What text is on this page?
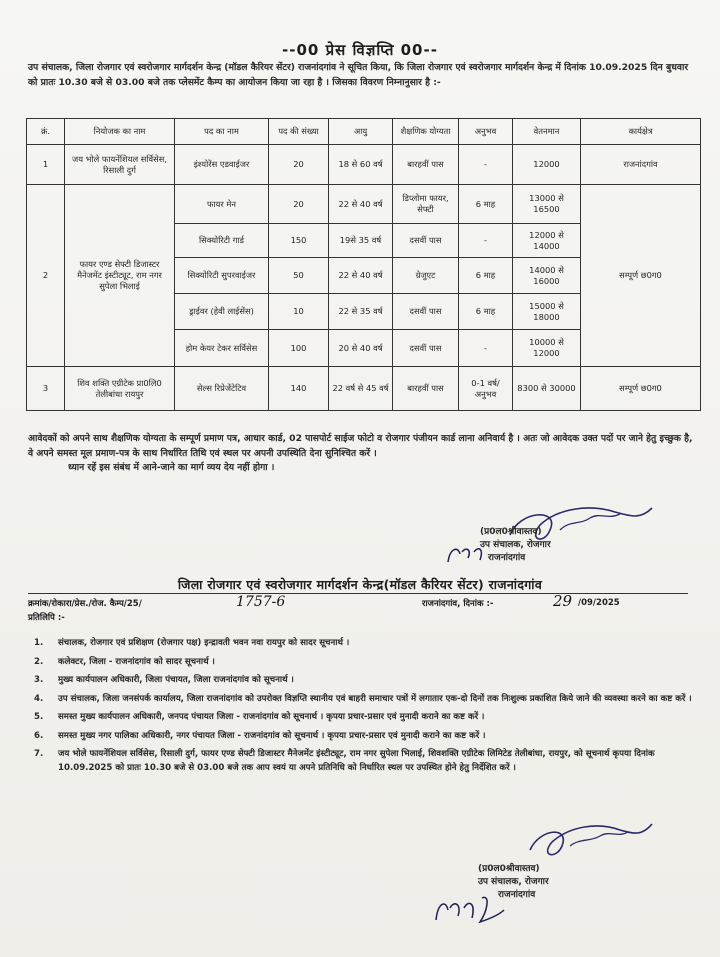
--00 प्रेस विज्ञप्ति 00--
उप संचालक, जिला रोजगार एवं स्वरोजगार मार्गदर्शन केन्द्र (मॉडल कैरियर सेंटर) राजनांदगांव ने सूचित किया, कि जिला रोजगार एवं स्वरोजगार मार्गदर्शन केन्द्र में दिनांक 10.09.2025 दिन बुधवार को प्रातः 10.30 बजे से 03.00 बजे तक प्लेसमेंट कैम्प का आयोजन किया जा रहा है । जिसका विवरण निम्नानुसार है :-
क्रं.	नियोजक का नाम	पद का नाम	पद की संख्या	आयु	शैक्षणिक योग्यता	अनुभव	वेतनमान	कार्यक्षेत्र
1	जय भोले फायनेंशियल सर्विसेस, रिसाली दुर्ग	इंश्योरेंस एडवाईजर	20	18 से 60 वर्ष	बारहवीं पास	-	12000	राजनांदगांव
2	फायर एण्ड सेफ्टी डिजास्टर मैनेजमेंट इंस्टीट्यूट, राम नगर सुपेला भिलाई	फायर मेन	20	22 से 40 वर्ष	डिप्लोमा फायर, सेफ्टी	6 माह	13000 से 16500	सम्पूर्ण छ0ग0
		सिक्योरिटी गार्ड	150	19से 35 वर्ष	दसवीं पास	-	12000 से 14000	
		सिक्योरिटी सुपरवाईजर	50	22 से 40 वर्ष	ग्रेजुएट	6 माह	14000 से 16000	
		ड्राईवर (हेवी लाईसेंस)	10	22 से 35 वर्ष	दसवीं पास	6 माह	15000 से 18000	
		होम केयर टेकर सर्विसेस	100	20 से 40 वर्ष	दसवीं पास	-	10000 से 12000	
3	शिव शक्ति एग्रीटेक प्रा0लि0 तेलीबांधा रायपुर	सेल्स रिप्रेजेंटेटिव	140	22 वर्ष से 45 वर्ष	बारहवीं पास	0-1 वर्ष/ अनुभव	8300 से 30000	सम्पूर्ण छ0ग0
आवेदकों को अपने साथ शैक्षणिक योग्यता के सम्पूर्ण प्रमाण पत्र, आधार कार्ड, 02 पासपोर्ट साईज फोटो व रोजगार पंजीयन कार्ड लाना अनिवार्य है । अतः जो आवेदक उक्त पदों पर जाने हेतु इच्छुक है, वे अपने समस्त मूल प्रमाण-पत्र के साथ निर्धारित तिथि एवं स्थल पर अपनी उपस्थिति देना सुनिश्चित करें ।
ध्यान रहें इस संबंध में आने-जाने का मार्ग व्यय देय नहीं होगा ।
(प्र0ल0श्रीवास्तव)
उप संचालक, रोजगार
राजनांदगांव
जिला रोजगार एवं स्वरोजगार मार्गदर्शन केन्द्र(मॉडल कैरियर सेंटर) राजनांदगांव
क्रमांक/रोकारा/प्रेस./रोज. कैम्प/25/	1757-6	राजनांदगांव, दिनांक :-	29 /09/2025
प्रतिलिपि :-
1.	संचालक, रोजगार एवं प्रशिक्षण (रोजगार पक्ष) इन्द्रावती भवन नवा रायपुर को सादर सूचनार्थ ।
2.	कलेक्टर, जिला - राजनांदगांव को सादर सूचनार्थ ।
3.	मुख्य कार्यपालन अधिकारी, जिला पंचायत, जिला राजनांदगांव को सूचनार्थ ।
4.	उप संचालक, जिला जनसंपर्क कार्यालय, जिला राजनांदगांव को उपरोक्त विज्ञप्ति स्थानीय एवं बाहरी समाचार पत्रों में लगातार एक-दो दिनों तक निःशुल्क प्रकाशित किये जाने की व्यवस्था करने का कष्ट करें ।
5.	समस्त मुख्य कार्यपालन अधिकारी, जनपद पंचायत जिला - राजनांदगांव को सूचनार्थ । कृपया प्रचार-प्रसार एवं मुनादी कराने का कष्ट करें ।
6.	समस्त मुख्य नगर पालिका अधिकारी, नगर पंचायत जिला - राजनांदगांव को सूचनार्थ । कृपया प्रचार-प्रसार एवं मुनादी कराने का कष्ट करें ।
7.	जय भोले फायनेंशियल सर्विसेस, रिसाली दुर्ग, फायर एण्ड सेफ्टी डिजास्टर मैनेजमेंट इंस्टीट्यूट, राम नगर सुपेला भिलाई, शिवशक्ति एग्रीटेक लिमिटेड तेलीबांधा, रायपुर, को सूचनार्थ कृपया दिनांक 10.09.2025 को प्रातः 10.30 बजे से 03.00 बजे तक आप स्वयं या अपने प्रतिनिधि को निर्धारित स्थल पर उपस्थित होने हेतु निर्देशित करें ।
(प्र0ल0श्रीवास्तव)
उप संचालक, रोजगार
राजनांदगांव
